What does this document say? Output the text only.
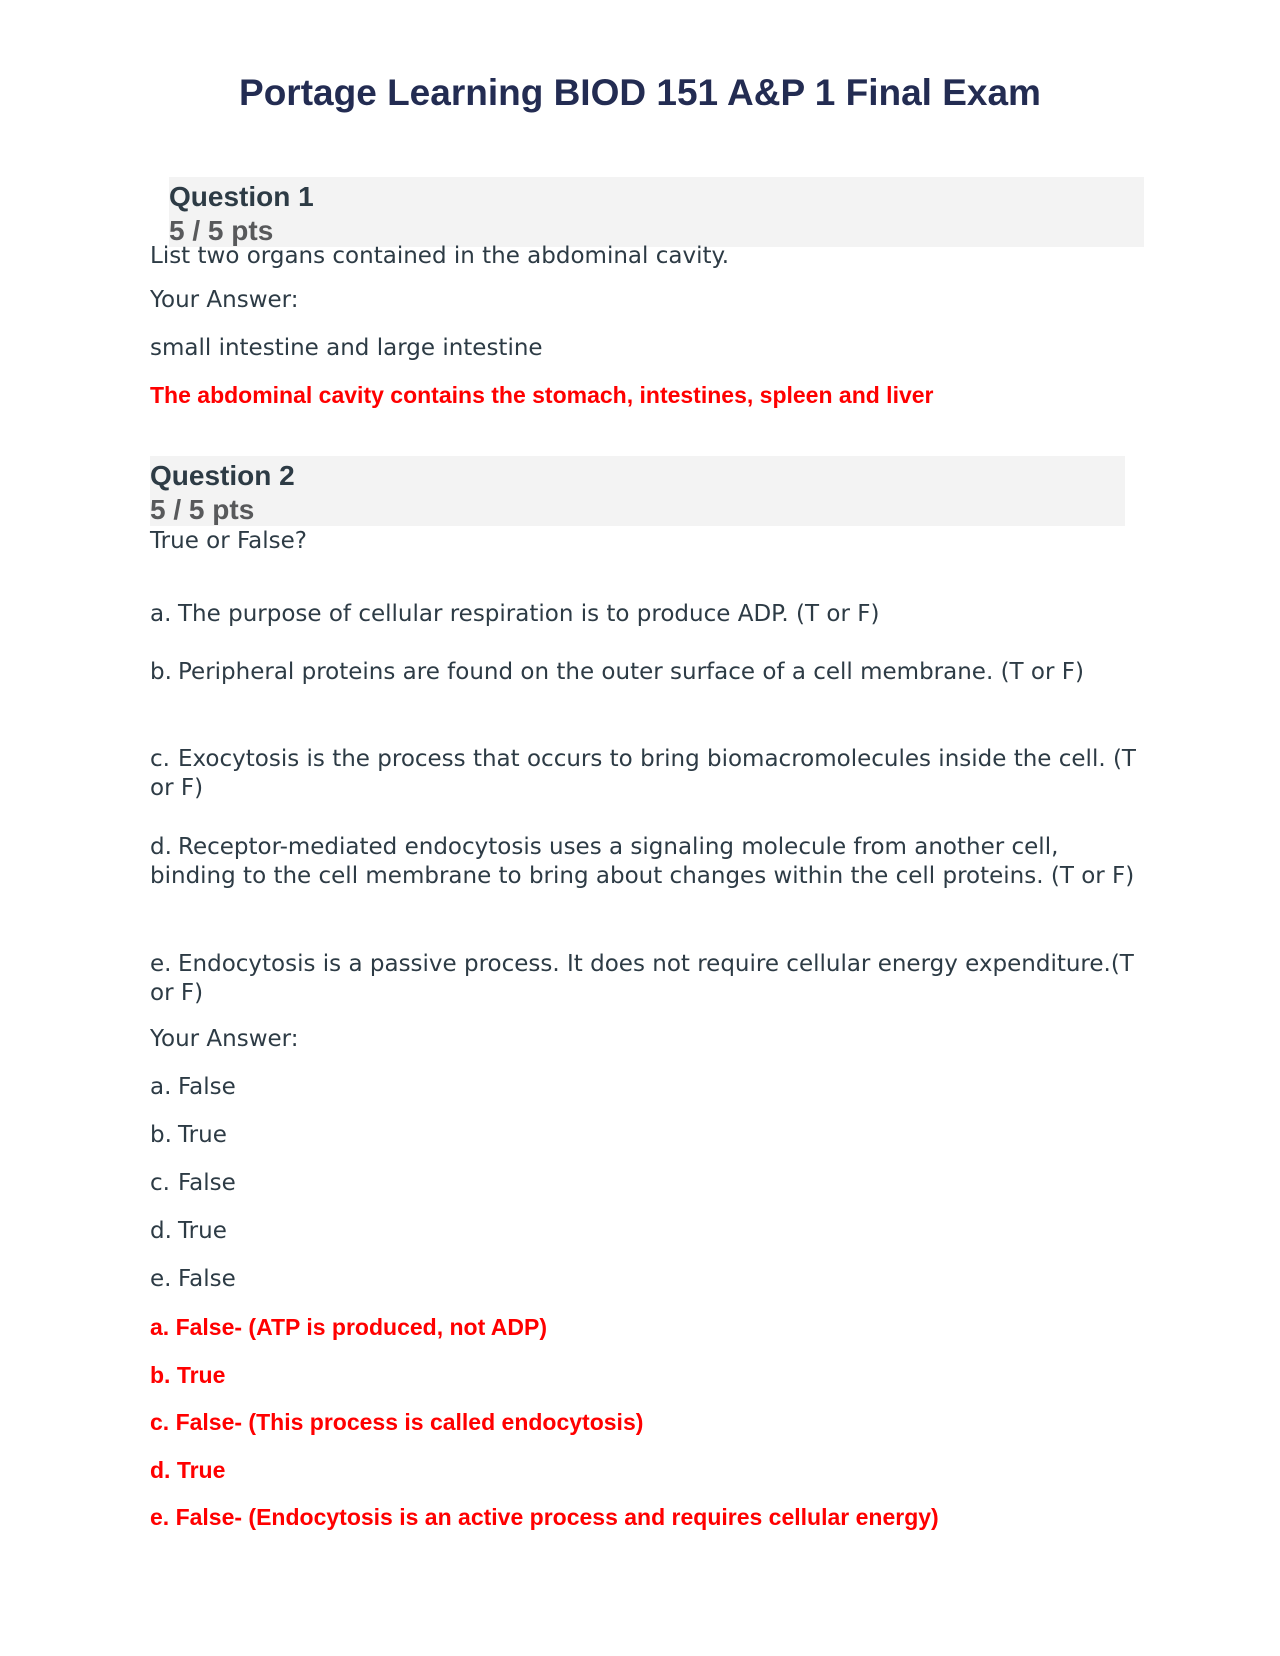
Portage Learning BIOD 151 A&P 1 Final Exam
Question 1
5 / 5 pts

List two organs contained in the abdominal cavity.

Your Answer:

small intestine and large intestine

The abdominal cavity contains the stomach, intestines, spleen and liver

Question 2
5 / 5 pts

True or False?

a. The purpose of cellular respiration is to produce ADP. (T or F)
b. Peripheral proteins are found on the outer surface of a cell membrane. (T or F)
c. Exocytosis is the process that occurs to bring biomacromolecules inside the cell. (T or F)
d. Receptor-mediated endocytosis uses a signaling molecule from another cell, binding to the cell membrane to bring about changes within the cell proteins. (T or F)
e. Endocytosis is a passive process. It does not require cellular energy expenditure.(T or F)

Your Answer:

a. False
b. True
c. False
d. True
e. False

a. False- (ATP is produced, not ADP)

b. True

c. False- (This process is called endocytosis)

d. True

e. False- (Endocytosis is an active process and requires cellular energy)
